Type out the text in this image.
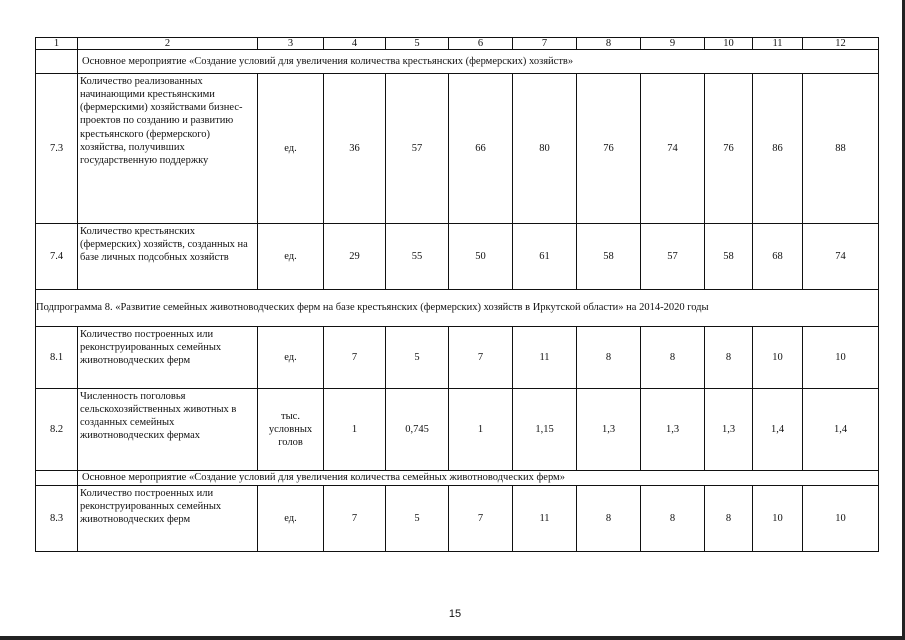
1	2	3	4	5	6	7	8	9	10	11	12
	Основное мероприятие «Создание условий для увеличения количества крестьянских (фермерских) хозяйств»										
7.3	Количество реализованных начинающими крестьянскими (фермерскими) хозяйствами бизнес-проектов по созданию и развитию крестьянского (фермерского) хозяйства, получивших государственную поддержку	ед.	36	57	66	80	76	74	76	86	88
7.4	Количество крестьянских (фермерских) хозяйств, созданных на базе личных подсобных хозяйств	ед.	29	55	50	61	58	57	58	68	74
Подпрограмма 8. «Развитие семейных животноводческих ферм на базе крестьянских (фермерских) хозяйств в Иркутской области» на 2014-2020 годы											
8.1	Количество построенных или реконструированных семейных животноводческих ферм	ед.	7	5	7	11	8	8	8	10	10
8.2	Численность поголовья сельскохозяйственных животных в созданных семейных животноводческих фермах	тыс. условных голов	1	0,745	1	1,15	1,3	1,3	1,3	1,4	1,4
	Основное мероприятие «Создание условий для увеличения количества семейных животноводческих ферм»										
8.3	Количество построенных или реконструированных семейных животноводческих ферм	ед.	7	5	7	11	8	8	8	10	10
15
